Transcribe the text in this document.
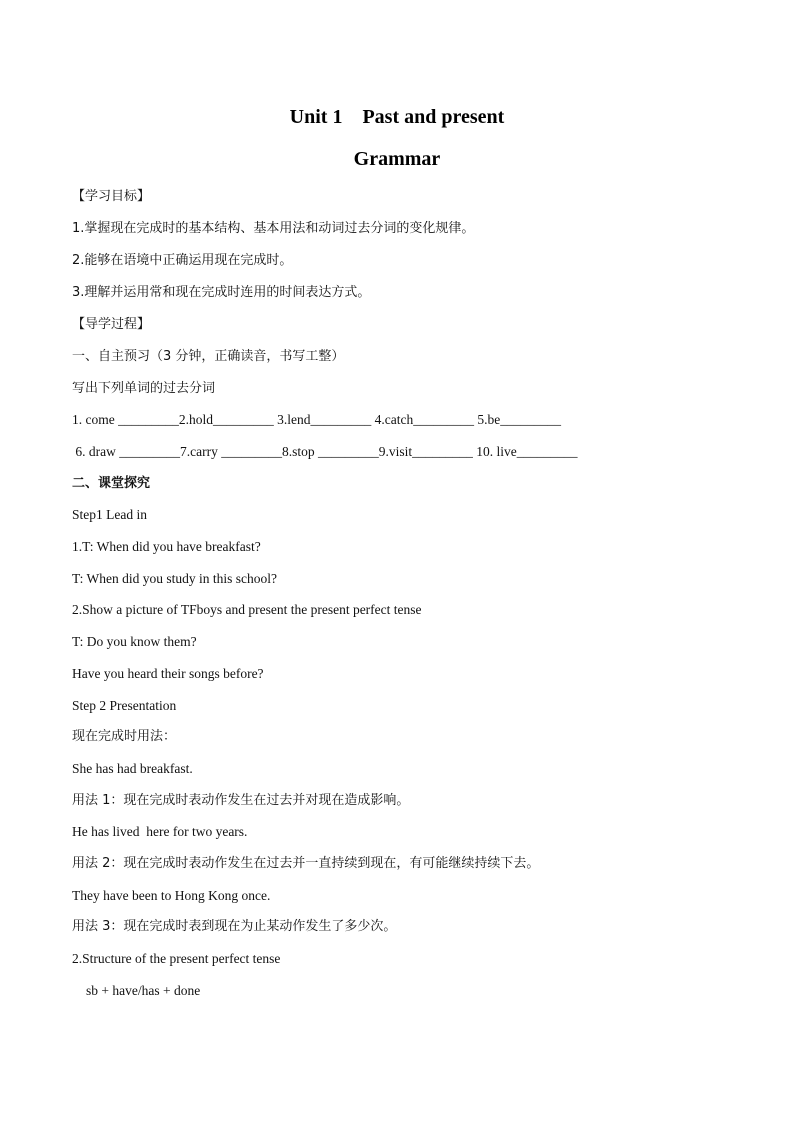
Unit 1    Past and present
Grammar
【学习目标】
1.掌握现在完成时的基本结构、基本用法和动词过去分词的变化规律。
2.能够在语境中正确运用现在完成时。
3.理解并运用常和现在完成时连用的时间表达方式。
【导学过程】
一、自主预习（3 分钟，正确读音，书写工整）
写出下列单词的过去分词
1. come _________2.hold_________ 3.lend_________ 4.catch_________ 5.be_________
6. draw _________7.carry _________8.stop _________9.visit_________ 10. live_________
二、课堂探究
Step1 Lead in
1.T: When did you have breakfast?
T: When did you study in this school?
2.Show a picture of TFboys and present the present perfect tense
T: Do you know them?
Have you heard their songs before?
Step 2 Presentation
现在完成时用法：
She has had breakfast.
用法 1：现在完成时表动作发生在过去并对现在造成影响。
He has lived  here for two years.
用法 2：现在完成时表动作发生在过去并一直持续到现在，有可能继续持续下去。
They have been to Hong Kong once.
用法 3：现在完成时表到现在为止某动作发生了多少次。
2.Structure of the present perfect tense
sb + have/has + done
